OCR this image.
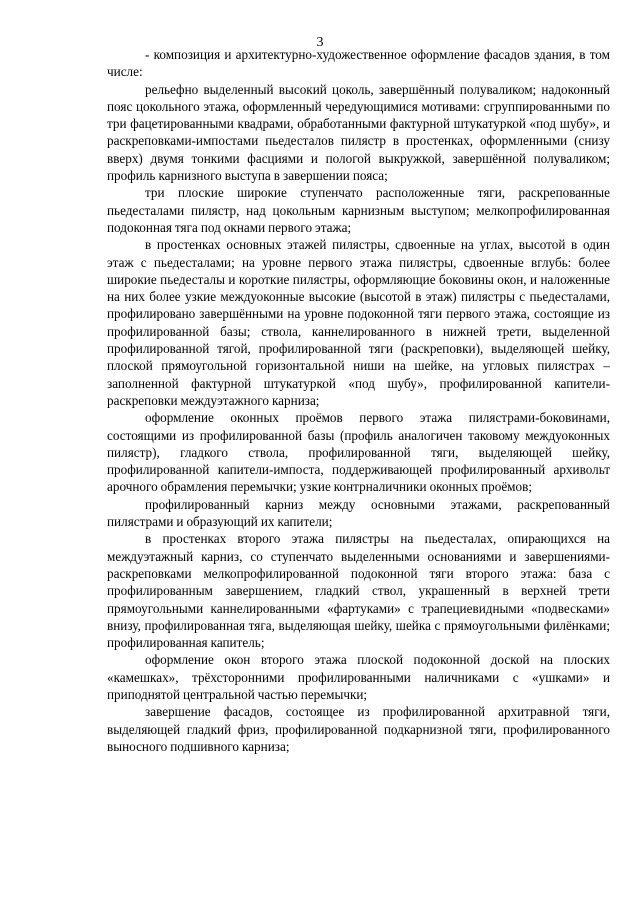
3

- композиция и архитектурно-художественное оформление фасадов здания, в том числе:

рельефно выделенный высокий цоколь, завершённый полуваликом; надоконный пояс цокольного этажа, оформленный чередующимися мотивами: сгруппированными по три фацетированными квадрами, обработанными фактурной штукатуркой «под шубу», и раскреповками-импостами пьедесталов пилястр в простенках, оформленными (снизу вверх) двумя тонкими фасциями и пологой выкружкой, завершённой полуваликом; профиль карнизного выступа в завершении пояса;

три плоские широкие ступенчато расположенные тяги, раскрепованные пьедесталами пилястр, над цокольным карнизным выступом; мелкопрофилированная подоконная тяга под окнами первого этажа;

в простенках основных этажей пилястры, сдвоенные на углах, высотой в один этаж с пьедесталами; на уровне первого этажа пилястры, сдвоенные вглубь: более широкие пьедесталы и короткие пилястры, оформляющие боковины окон, и наложенные на них более узкие междуоконные высокие (высотой в этаж) пилястры с пьедесталами, профилировано завершёнными на уровне подоконной тяги первого этажа, состоящие из профилированной базы; ствола, каннелированного в нижней трети, выделенной профилированной тягой, профилированной тяги (раскреповки), выделяющей шейку, плоской прямоугольной горизонтальной ниши на шейке, на угловых пилястрах – заполненной фактурной штукатуркой «под шубу», профилированной капители-раскреповки междуэтажного карниза;

оформление оконных проёмов первого этажа пилястрами-боковинами, состоящими из профилированной базы (профиль аналогичен таковому междуоконных пилястр), гладкого ствола, профилированной тяги, выделяющей шейку, профилированной капители-импоста, поддерживающей профилированный архивольт арочного обрамления перемычки; узкие контрналичники оконных проёмов;

профилированный карниз между основными этажами, раскрепованный пилястрами и образующий их капители;

в простенках второго этажа пилястры на пьедесталах, опирающихся на междуэтажный карниз, со ступенчато выделенными основаниями и завершениями-раскреповками мелкопрофилированной подоконной тяги второго этажа: база с профилированным завершением, гладкий ствол, украшенный в верхней трети прямоугольными каннелированными «фартуками» с трапециевидными «подвесками» внизу, профилированная тяга, выделяющая шейку, шейка с прямоугольными филёнками; профилированная капитель;

оформление окон второго этажа плоской подоконной доской на плоских «камешках», трёхсторонними профилированными наличниками с «ушками» и приподнятой центральной частью перемычки;

завершение фасадов, состоящее из профилированной архитравной тяги, выделяющей гладкий фриз, профилированной подкарнизной тяги, профилированного выносного подшивного карниза;
